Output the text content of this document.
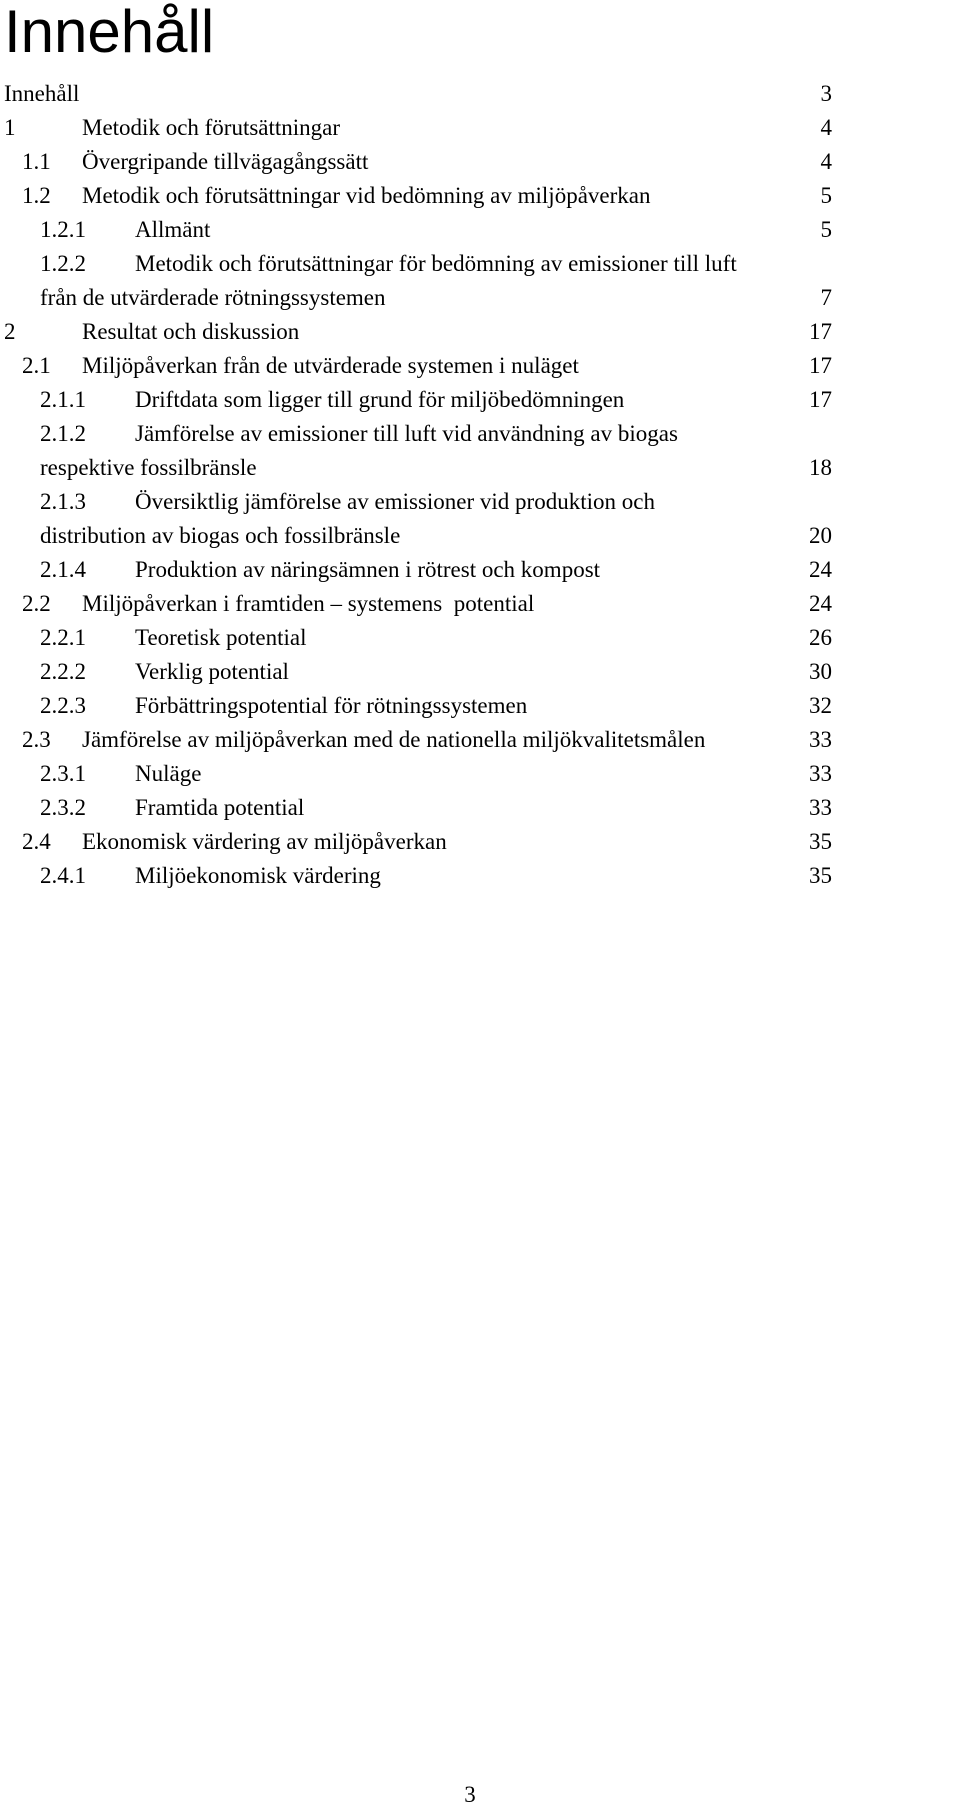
Innehåll
Innehåll	3
1	Metodik och förutsättningar	4
1.1 Övergripande tillvägagångssätt	4
1.2 Metodik och förutsättningar vid bedömning av miljöpåverkan	5
1.2.1 Allmänt	5
1.2.2 Metodik och förutsättningar för bedömning av emissioner till luft
från de utvärderade rötningssystemen	7
2	Resultat och diskussion	17
2.1 Miljöpåverkan från de utvärderade systemen i nuläget	17
2.1.1 Driftdata som ligger till grund för miljöbedömningen	17
2.1.2 Jämförelse av emissioner till luft vid användning av biogas
respektive fossilbränsle	18
2.1.3 Översiktlig jämförelse av emissioner vid produktion och
distribution av biogas och fossilbränsle	20
2.1.4 Produktion av näringsämnen i rötrest och kompost	24
2.2 Miljöpåverkan i framtiden – systemens  potential	24
2.2.1 Teoretisk potential	26
2.2.2 Verklig potential	30
2.2.3 Förbättringspotential för rötningssystemen	32
2.3 Jämförelse av miljöpåverkan med de nationella miljökvalitetsmålen	33
2.3.1 Nuläge	33
2.3.2 Framtida potential	33
2.4 Ekonomisk värdering av miljöpåverkan	35
2.4.1 Miljöekonomisk värdering	35
3
